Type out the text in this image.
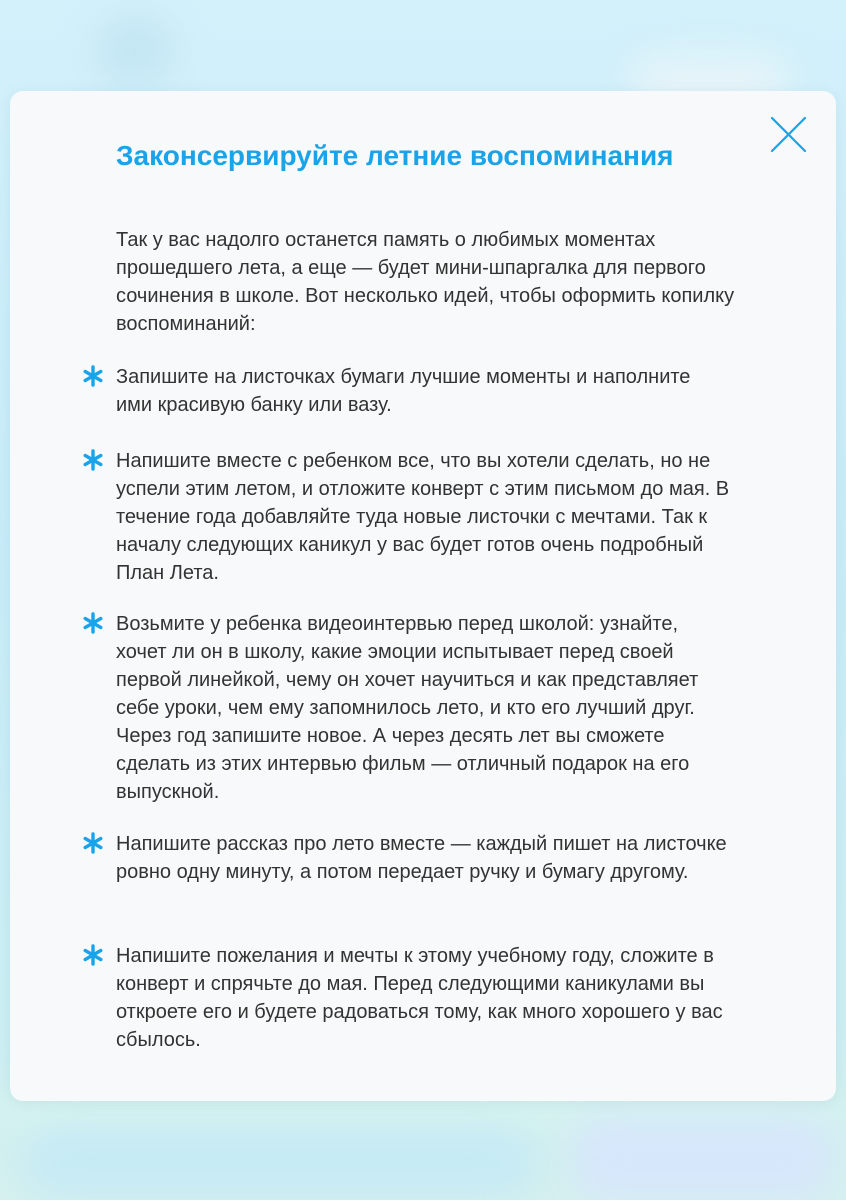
Законсервируйте летние воспоминания

Так у вас надолго останется память о любимых моментах прошедшего лета, а еще — будет мини-шпаргалка для первого сочинения в школе. Вот несколько идей, чтобы оформить копилку воспоминаний:

Запишите на листочках бумаги лучшие моменты и наполните ими красивую банку или вазу.

Напишите вместе с ребенком все, что вы хотели сделать, но не успели этим летом, и отложите конверт с этим письмом до мая. В течение года добавляйте туда новые листочки с мечтами. Так к началу следующих каникул у вас будет готов очень подробный План Лета.

Возьмите у ребенка видеоинтервью перед школой: узнайте, хочет ли он в школу, какие эмоции испытывает перед своей первой линейкой, чему он хочет научиться и как представляет себе уроки, чем ему запомнилось лето, и кто его лучший друг. Через год запишите новое. А через десять лет вы сможете сделать из этих интервью фильм — отличный подарок на его выпускной.

Напишите рассказ про лето вместе — каждый пишет на листочке ровно одну минуту, а потом передает ручку и бумагу другому.

Напишите пожелания и мечты к этому учебному году, сложите в конверт и спрячьте до мая. Перед следующими каникулами вы откроете его и будете радоваться тому, как много хорошего у вас сбылось.
